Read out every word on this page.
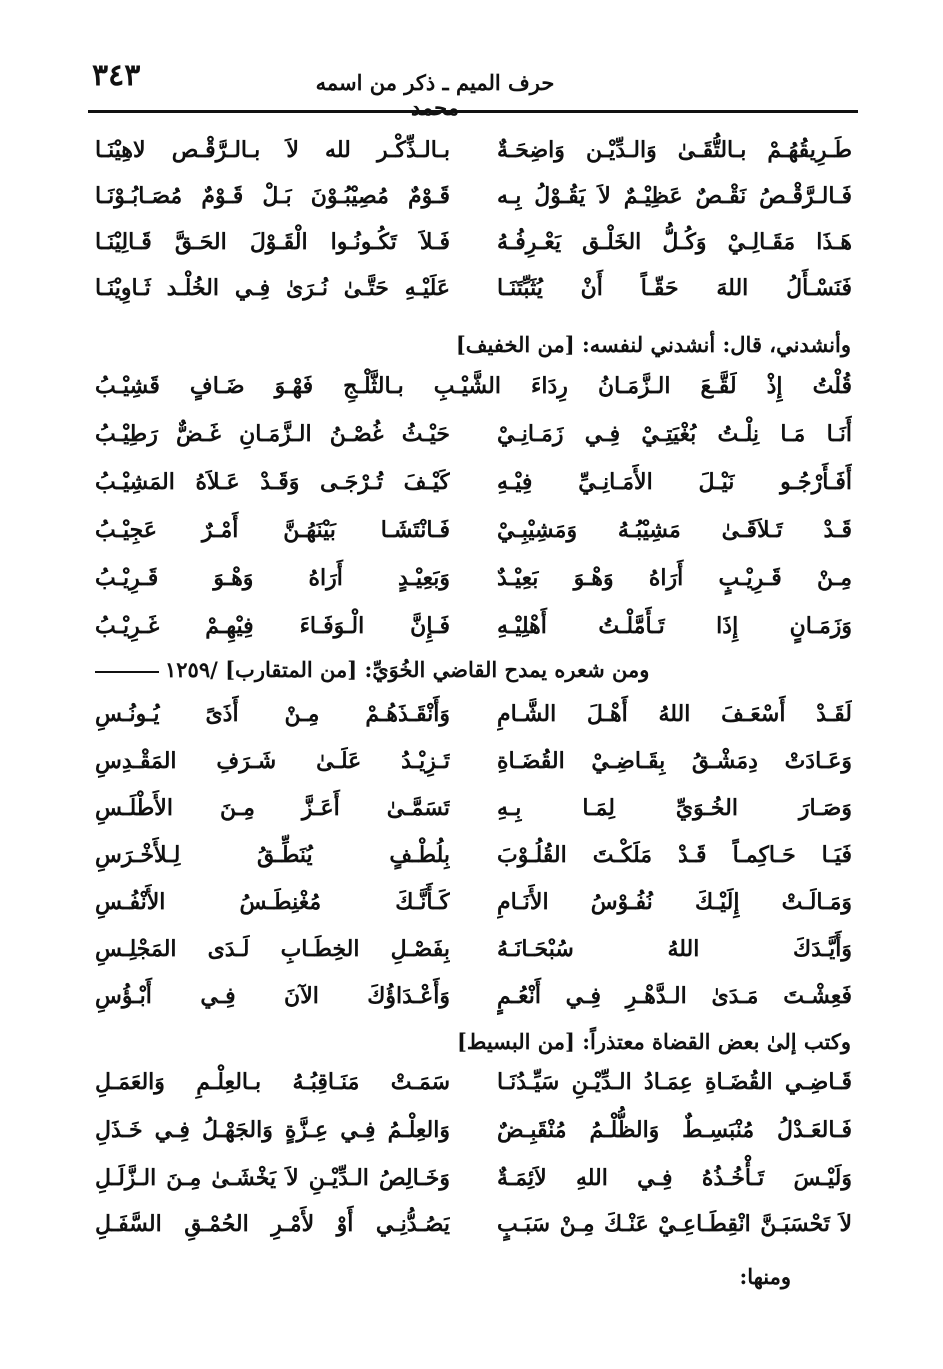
٣٤٣	حرف الميم ـ ذكر من اسمه محمد
طَـرِيقُهُـمْ بـالتُّقَـىٰ وَالـدِّيْـن وَاضِحَـةٌ
بـالـذِّكْـر لله لاَ بـالـرَّقْـص لاهِيْنَـا
فَـالـرَّقْـصُ نَقْـصٌ عَظِيْـمٌ لاَ يَقُـوْلُ بِـه
قَـوْمٌ مُصِيْبُـوْنَ بَـلْ قَـوْمٌ مُصَـابُـوْنَـا
هَـذَا مَقَـالِـيْ وَكُـلُّ الخَلْـق يَعْـرِفُـهُ
فَـلاَ تَكُـونُـوا الْقَـوْلَ الحَـقَّ قَـالِيْنَـا
فَنَسْـأَلُ اللهَ حَقّـاً أَنْ يُثَبِّتَنَـا
عَلَيْـهِ حَتَّـىٰ نُـرَىٰ فِـي الخُلْـد ثَـاوِيْنَـا
وأنشدني، قال: أنشدني لنفسه: [من الخفيف]
قُلْتُ إِذْ لَقَّـعَ الـزَّمَـانُ رِدَاءَ الشَّيْـبِ بـالثَّلْـجِ فَهْـوَ ضَـافٍ قَشِيْـبُ
أَنَـا مَـا نِلْـتُ بُغْيَتِـيْ فِـي زَمَـانِـيْ
حَيْـثُ غُصْـنُ الـزَّمَـانِ غَـضٌّ رَطِيْـبُ
أَفَـأَرْجُـو نَيْـلَ الأَمَـانِـيِّ فِيْـهِ
كَيْـفَ تُـرْجَـى وَقَـدْ عَـلاَهُ المَشِيْـبُ
قَـدْ تَـلاَقَـىٰ مَشِيْبُـهُ وَمَشِيْبِـيْ
فَـانْتَشَـا بَيْنَهُـنَّ أَمْـرٌ عَجِيْـبُ
مِـنْ قَـرِيْـبٍ أَرَاهُ وَهْـوَ بَعِيْـدٌ
وَبَعِيْـدٍ أَرَاهُ وَهْـوَ قَـرِيْـبُ
وَزَمَـانٍ إِذَا تَـأَمَّلْـتُ أَهْلِيْـهِ
فَـإِنَّ الْـوَفَـاءَ فِيْهِـمْ غَـرِيْـبُ
ومن شعره يمدح القاضي الخُوَيِّ: [من المتقارب] /١٢٥٩
لَقَـدْ أَسْعَـفَ اللهُ أَهْـلَ الشَّـامِ
وَأَنْقَـذَهُـمْ مِـنْ أَذَىً يُـونُـسِ
وَعَـادَتْ دِمَشْـقُ بِقَـاضِـيْ القُضَـاةِ
تَـزِيْـدُ عَلَـىٰ شَـرَفِ المَقْـدِسِ
وَصَـارَ الخُـوَيِّ لِمَـا بِـهِ
تَسَمَّـىٰ أَعَـزَّ مِـنَ الأَطْلَـسِ
فَيَـا حَـاكِمـاً قَـدْ مَلَكْـتَ القُلُـوْبَ
بِلُطْـفٍ يُنَطِّـقُ لِـلأَخْـرَسِ
وَمَـالَـتْ إِلَيْـكَ نُفُـوْسُ الأَنَـامِ
كَـأَنَّـكَ مُغْنِطَـسُ الأَنْفُـسِ
وَأَيَّـدَكَ اللهُ سُبْحَـانَـهُ
بِفَصْـلِ الخِطَـابِ لَـدَى المَجْلِـسِ
فَعِشْـتَ مَـدَىٰ الـدَّهْـرِ فِـي أَنْعُـمٍ
وَأَعْـدَاؤُكَ الآنَ فِـي أَبْـؤُسِ
وكتب إلىٰ بعض القضاة معتذراً: [من البسيط]
قَـاضِـي القُضَـاةِ عِمَـادُ الـدِّيْـنِ سَيِّـدُنَـا
سَمَـتْ مَنَـاقِبُـهُ بـالعِلْـمِ وَالعَمَـلِ
فَـالعَـدْلُ مُنْبَسِـطٌ وَالظُّلْـمُ مُنْقَبِـضٌ
وَالعِلْـمُ فِـي عِـزَّةٍ وَالجَهْـلُ فِـي خَـذَلِ
وَلَيْـسَ تَـأْخُـذُهُ فِـي اللهِ لاَئِمَـةٌ
وَخَـالِصُ الـدِّيْـنِ لاَ يَخْشَـىٰ مِـنَ الـزَّلَـلِ
لاَ تَحْسَبَـنَّ انْقِطَـاعِـيْ عَنْـكَ مِـنْ سَبَـبٍ
يَصُـدُّنِـي أَوْ لأَمْـرِ الحُمْـقِ السَّفَـلِ
ومنها:
